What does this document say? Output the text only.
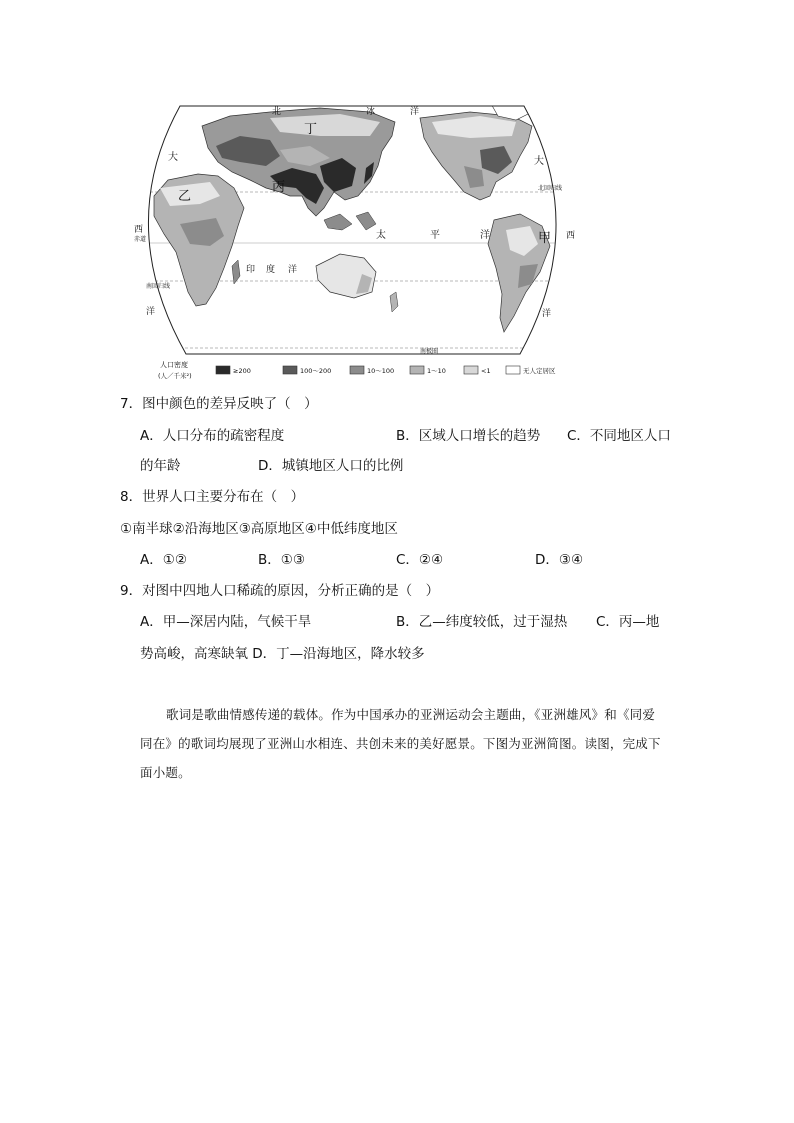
甲
乙
丙
丁
北	冰	洋
大	大
西
西
洋	洋
太	平	洋
印 度 洋
北回归线
赤道
南回归线
南极圈
人口密度
(人／千米²)
≥200	100～200	10～100	1～10	<1	无人定居区
7．图中颜色的差异反映了（　）
A．人口分布的疏密程度	B．区域人口增长的趋势 C．不同地区人口
的年龄	D．城镇地区人口的比例
8．世界人口主要分布在（　）
①南半球②沿海地区③高原地区④中低纬度地区
A．①②	B．①③	C．②④	D．③④
9．对图中四地人口稀疏的原因，分析正确的是（　）
A．甲—深居内陆，气候干旱	B．乙—纬度较低，过于湿热 C．丙—地
势高峻，高寒缺氧 D．丁—沿海地区，降水较多
歌词是歌曲情感传递的载体。作为中国承办的亚洲运动会主题曲，《亚洲雄风》和《同爱同在》的歌词均展现了亚洲山水相连、共创未来的美好愿景。下图为亚洲简图。读图，完成下面小题。
